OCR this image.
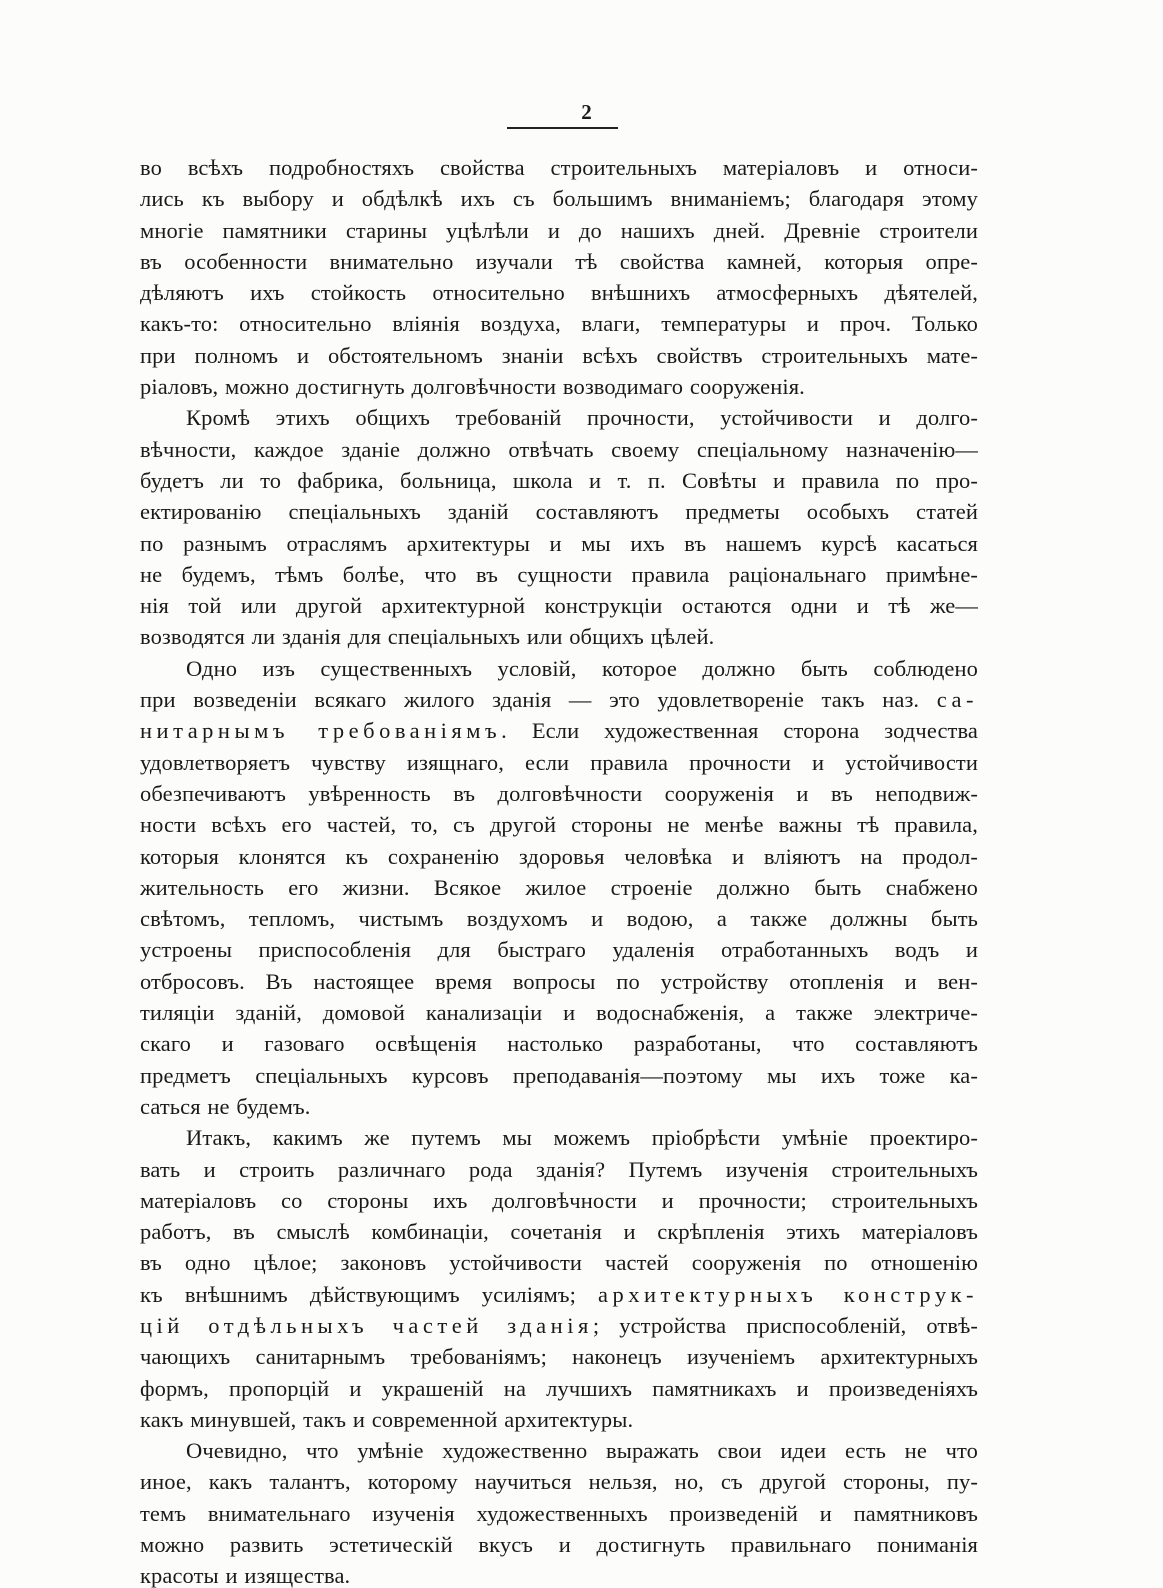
2

во всѣхъ подробностяхъ свойства строительныхъ матеріаловъ и относи-
лись къ выбору и обдѣлкѣ ихъ съ большимъ вниманіемъ; благодаря этому
многіе памятники старины уцѣлѣли и до нашихъ дней. Древніе строители
въ особенности внимательно изучали тѣ свойства камней, которыя опре-
дѣляютъ ихъ стойкость относительно внѣшнихъ атмосферныхъ дѣятелей,
какъ-то: относительно вліянія воздуха, влаги, температуры и проч. Только
при полномъ и обстоятельномъ знаніи всѣхъ свойствъ строительныхъ мате-
ріаловъ, можно достигнуть долговѣчности возводимаго сооруженія.

Кромѣ этихъ общихъ требованій прочности, устойчивости и долго-
вѣчности, каждое зданіе должно отвѣчать своему спеціальному назначенію—
будетъ ли то фабрика, больница, школа и т. п. Совѣты и правила по про-
ектированію спеціальныхъ зданій составляютъ предметы особыхъ статей
по разнымъ отраслямъ архитектуры и мы ихъ въ нашемъ курсѣ касаться
не будемъ, тѣмъ болѣе, что въ сущности правила раціональнаго примѣне-
нія той или другой архитектурной конструкціи остаются одни и тѣ же—
возводятся ли зданія для спеціальныхъ или общихъ цѣлей.

Одно изъ существенныхъ условій, которое должно быть соблюдено
при возведеніи всякаго жилого зданія — это удовлетвореніе такъ наз. са-
нитарнымъ требованіямъ. Если художественная сторона зодчества
удовлетворяетъ чувству изящнаго, если правила прочности и устойчивости
обезпечиваютъ увѣренность въ долговѣчности сооруженія и въ неподвиж-
ности всѣхъ его частей, то, съ другой стороны не менѣе важны тѣ правила,
которыя клонятся къ сохраненію здоровья человѣка и вліяютъ на продол-
жительность его жизни. Всякое жилое строеніе должно быть снабжено
свѣтомъ, тепломъ, чистымъ воздухомъ и водою, а также должны быть
устроены приспособленія для быстраго удаленія отработанныхъ водъ и
отбросовъ. Въ настоящее время вопросы по устройству отопленія и вен-
тиляціи зданій, домовой канализаціи и водоснабженія, а также электриче-
скаго и газоваго освѣщенія настолько разработаны, что составляютъ
предметъ спеціальныхъ курсовъ преподаванія—поэтому мы ихъ тоже ка-
саться не будемъ.

Итакъ, какимъ же путемъ мы можемъ пріобрѣсти умѣніе проектиро-
вать и строить различнаго рода зданія? Путемъ изученія строительныхъ
матеріаловъ со стороны ихъ долговѣчности и прочности; строительныхъ
работъ, въ смыслѣ комбинаціи, сочетанія и скрѣпленія этихъ матеріаловъ
въ одно цѣлое; законовъ устойчивости частей сооруженія по отношенію
къ внѣшнимъ дѣйствующимъ усиліямъ; архитектурныхъ конструк-
цій отдѣльныхъ частей зданія; устройства приспособленій, отвѣ-
чающихъ санитарнымъ требованіямъ; наконецъ изученіемъ архитектурныхъ
формъ, пропорцій и украшеній на лучшихъ памятникахъ и произведеніяхъ
какъ минувшей, такъ и современной архитектуры.

Очевидно, что умѣніе художественно выражать свои идеи есть не что
иное, какъ талантъ, которому научиться нельзя, но, съ другой стороны, пу-
темъ внимательнаго изученія художественныхъ произведеній и памятниковъ
можно развить эстетическій вкусъ и достигнуть правильнаго пониманія
красоты и изящества.
